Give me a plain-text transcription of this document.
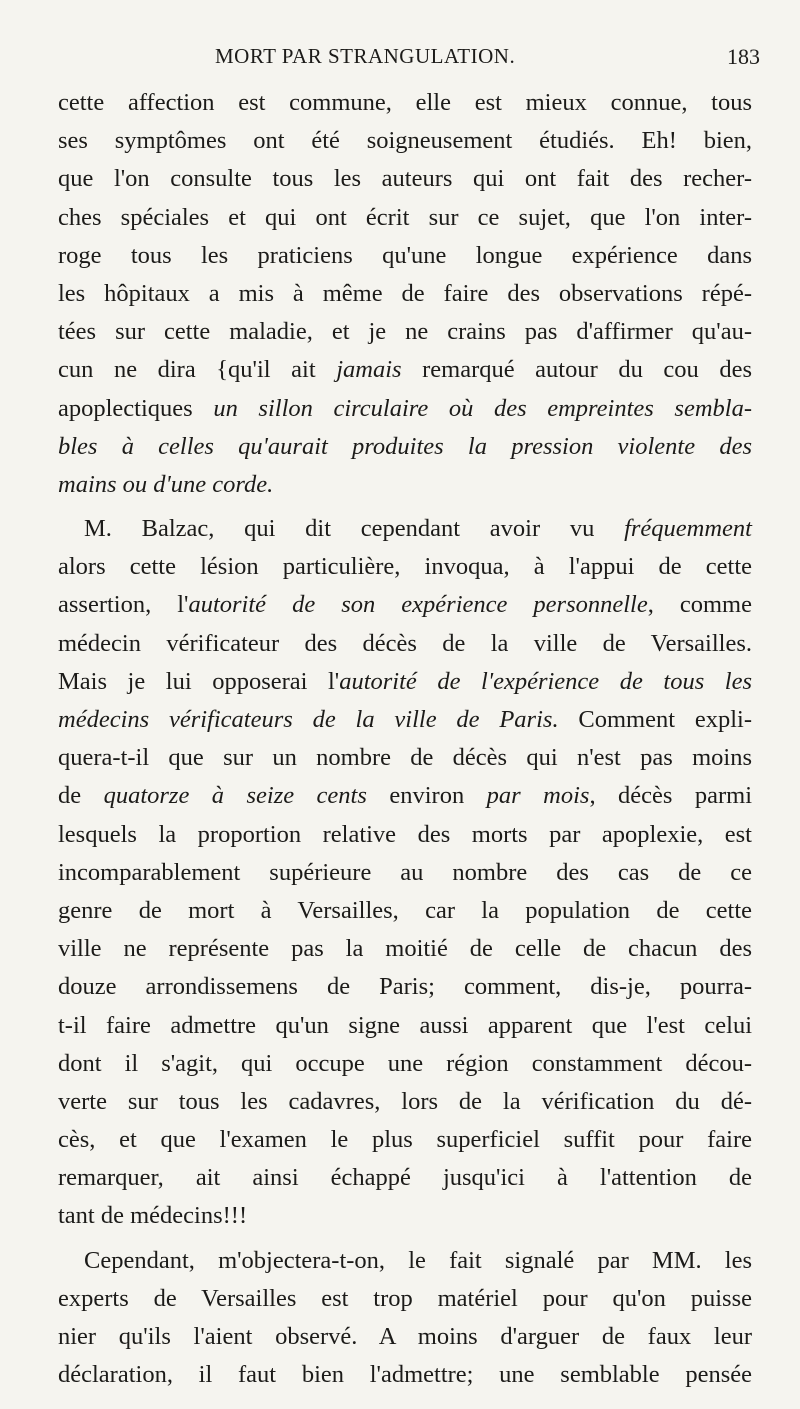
MORT PAR STRANGULATION.	183
cette affection est commune, elle est mieux connue, tous
ses symptômes ont été soigneusement étudiés. Eh! bien,
que l'on consulte tous les auteurs qui ont fait des recher-
ches spéciales et qui ont écrit sur ce sujet, que l'on inter-
roge tous les praticiens qu'une longue expérience dans
les hôpitaux a mis à même de faire des observations répé-
tées sur cette maladie, et je ne crains pas d'affirmer qu'au-
cun ne dira {qu'il ait jamais remarqué autour du cou des
apoplectiques un sillon circulaire où des empreintes sembla-
bles à celles qu'aurait produites la pression violente des
mains ou d'une corde.
M. Balzac, qui dit cependant avoir vu fréquemment
alors cette lésion particulière, invoqua, à l'appui de cette
assertion, l'autorité de son expérience personnelle, comme
médecin vérificateur des décès de la ville de Versailles.
Mais je lui opposerai l'autorité de l'expérience de tous les
médecins vérificateurs de la ville de Paris. Comment expli-
quera-t-il que sur un nombre de décès qui n'est pas moins
de quatorze à seize cents environ par mois, décès parmi
lesquels la proportion relative des morts par apoplexie, est
incomparablement supérieure au nombre des cas de ce
genre de mort à Versailles, car la population de cette
ville ne représente pas la moitié de celle de chacun des
douze arrondissemens de Paris; comment, dis-je, pourra-
t-il faire admettre qu'un signe aussi apparent que l'est celui
dont il s'agit, qui occupe une région constamment décou-
verte sur tous les cadavres, lors de la vérification du dé-
cès, et que l'examen le plus superficiel suffit pour faire
remarquer, ait ainsi échappé jusqu'ici à l'attention de
tant de médecins!!!
Cependant, m'objectera-t-on, le fait signalé par MM. les
experts de Versailles est trop matériel pour qu'on puisse
nier qu'ils l'aient observé. A moins d'arguer de faux leur
déclaration, il faut bien l'admettre; une semblable pensée
